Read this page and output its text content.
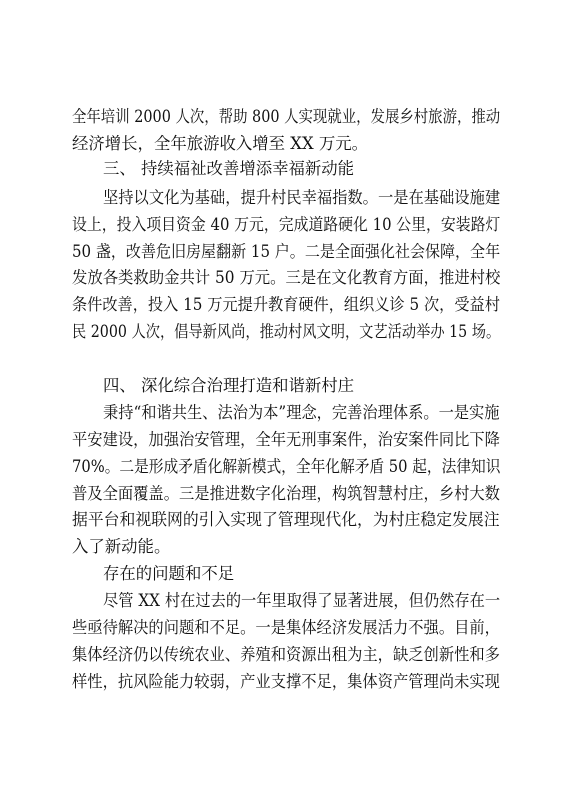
全年培训 2000 人次，帮助 800 人实现就业，发展乡村旅游，推动
经济增长，全年旅游收入增至 XX 万元。
三、 持续福祉改善增添幸福新动能
坚持以文化为基础，提升村民幸福指数。一是在基础设施建
设上，投入项目资金 40 万元，完成道路硬化 10 公里，安装路灯
50 盏，改善危旧房屋翻新 15 户。二是全面强化社会保障，全年
发放各类救助金共计 50 万元。三是在文化教育方面，推进村校
条件改善，投入 15 万元提升教育硬件，组织义诊 5 次，受益村
民 2000 人次，倡导新风尚，推动村风文明，文艺活动举办 15 场。
四、 深化综合治理打造和谐新村庄
秉持“和谐共生、法治为本”理念，完善治理体系。一是实施
平安建设，加强治安管理，全年无刑事案件，治安案件同比下降
70%。二是形成矛盾化解新模式，全年化解矛盾 50 起，法律知识
普及全面覆盖。三是推进数字化治理，构筑智慧村庄，乡村大数
据平台和视联网的引入实现了管理现代化，为村庄稳定发展注
入了新动能。
存在的问题和不足
尽管 XX 村在过去的一年里取得了显著进展，但仍然存在一
些亟待解决的问题和不足。一是集体经济发展活力不强。目前，
集体经济仍以传统农业、养殖和资源出租为主，缺乏创新性和多
样性，抗风险能力较弱，产业支撑不足，集体资产管理尚未实现
